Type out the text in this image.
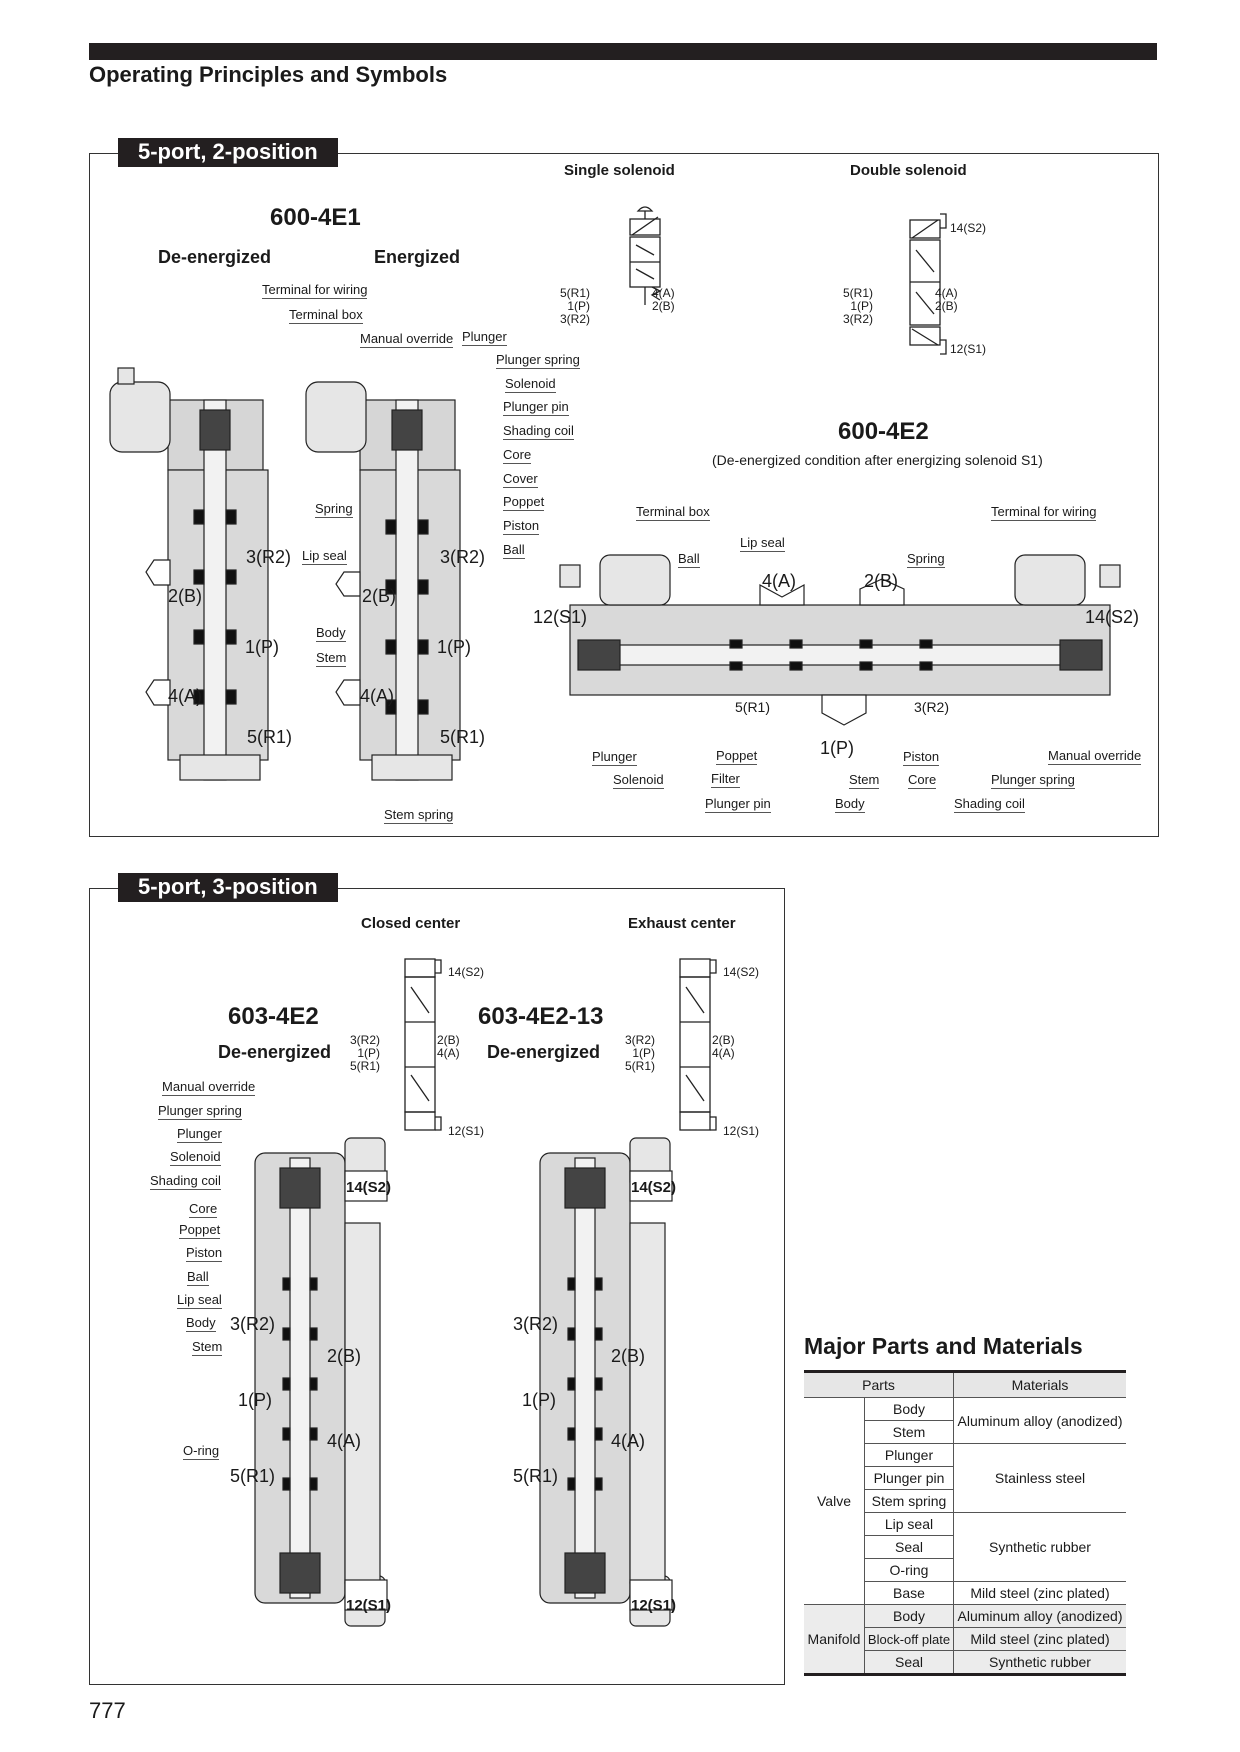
Operating Principles and Symbols
5-port, 2-position
Single solenoid	Double solenoid
600-4E1
De-energized	Energized
600-4E2
(De-energized condition after energizing solenoid S1)
5(R1)
1(P)
3(R2)
4(A)
2(B)
14(S2)
12(S1)
5(R1)
1(P)
3(R2)
4(A)
2(B)
Terminal for wiring
Terminal box
Manual override Plunger
Plunger spring
Solenoid
Plunger pin
Shading coil
Core
Cover
Poppet
Piston
Ball
Spring
Lip seal
Body
Stem
Stem spring
3(R2)
2(B)
1(P)
4(A)
5(R1)
3(R2)
2(B)
1(P)
4(A)
5(R1)
Terminal box	Terminal for wiring
Lip seal
Ball	Spring
Plunger
Solenoid
Poppet
Filter
Plunger pin	Body
Stem
Piston
Core
Shading coil
Manual override
Plunger spring
4(A)	2(B)
12(S1)	14(S2)
5(R1)	3(R2)
1(P)
5-port, 3-position
Closed center	Exhaust center
603-4E2
De-energized
603-4E2-13
De-energized
14(S2)
12(S1)
3(R2)
1(P)
5(R1)
2(B)
4(A)
14(S2)
12(S1)
3(R2)
1(P)
5(R1)
2(B)
4(A)
Manual override
Plunger spring
Plunger
Solenoid
Shading coil
Core
Poppet
Piston
Ball
Lip seal
Body
Stem
O-ring
3(R2)
2(B)
1(P)
4(A)
5(R1)
14(S2)
12(S1)
3(R2)
2(B)
1(P)
4(A)
5(R1)
14(S2)
12(S1)
Major Parts and Materials
Parts		Materials
Valve	Body	Aluminum alloy (anodized)
	Stem	
	Plunger	Stainless steel
	Plunger pin	
	Stem spring	
	Lip seal	Synthetic rubber
	Seal	
	O-ring	
	Base	Mild steel (zinc plated)
Manifold	Body	Aluminum alloy (anodized)
	Block-off plate	Mild steel (zinc plated)
	Seal	Synthetic rubber
777
